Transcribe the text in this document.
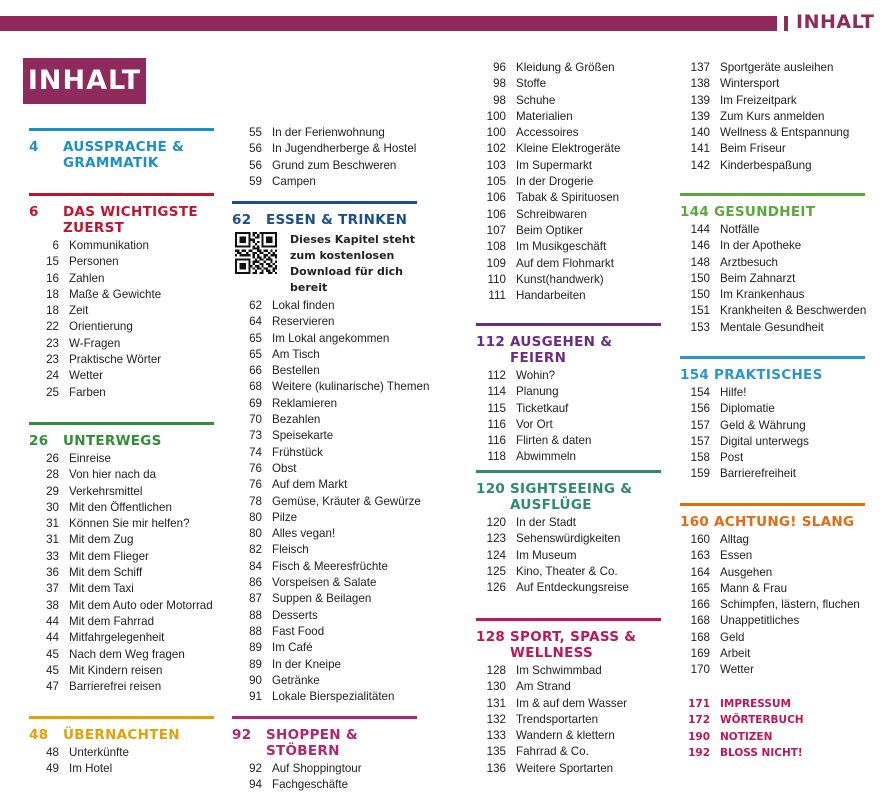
INHALT
INHALT
4	AUSSPRACHE & GRAMMATIK
6	DAS WICHTIGSTE ZUERST
6 Kommunikation
15 Personen
16 Zahlen
18 Maße & Gewichte
18 Zeit
22 Orientierung
23 W-Fragen
23 Praktische Wörter
24 Wetter
25 Farben
26	UNTERWEGS
26 Einreise
28 Von hier nach da
29 Verkehrsmittel
30 Mit den Öffentlichen
31 Können Sie mir helfen?
31 Mit dem Zug
33 Mit dem Flieger
36 Mit dem Schiff
37 Mit dem Taxi
38 Mit dem Auto oder Motorrad
44 Mit dem Fahrrad
44 Mitfahrgelegenheit
45 Nach dem Weg fragen
45 Mit Kindern reisen
47 Barrierefrei reisen
48	ÜBERNACHTEN
48 Unterkünfte
49 Im Hotel
55 In der Ferienwohnung
56 In Jugendherberge & Hostel
56 Grund zum Beschweren
59 Campen
62	ESSEN & TRINKEN
Dieses Kapitel steht zum kostenlosen Download für dich bereit
62 Lokal finden
64 Reservieren
65 Im Lokal angekommen
65 Am Tisch
66 Bestellen
68 Weitere (kulinarische) Themen
69 Reklamieren
70 Bezahlen
73 Speisekarte
74 Frühstück
76 Obst
76 Auf dem Markt
78 Gemüse, Kräuter & Gewürze
80 Pilze
80 Alles vegan!
82 Fleisch
84 Fisch & Meeresfrüchte
86 Vorspeisen & Salate
87 Suppen & Beilagen
88 Desserts
88 Fast Food
89 Im Café
89 In der Kneipe
90 Getränke
91 Lokale Bierspezialitäten
92	SHOPPEN & STÖBERN
92 Auf Shoppingtour
94 Fachgeschäfte
96 Kleidung & Größen
98 Stoffe
98 Schuhe
100 Materialien
100 Accessoires
102 Kleine Elektrogeräte
103 Im Supermarkt
105 In der Drogerie
106 Tabak & Spirituosen
106 Schreibwaren
107 Beim Optiker
108 Im Musikgeschäft
109 Auf dem Flohmarkt
110 Kunst(handwerk)
111 Handarbeiten
112 AUSGEHEN & FEIERN
112 Wohin?
114 Planung
115 Ticketkauf
116 Vor Ort
116 Flirten & daten
118 Abwimmeln
120 SIGHTSEEING & AUSFLÜGE
120 In der Stadt
123 Sehenswürdigkeiten
124 Im Museum
125 Kino, Theater & Co.
126 Auf Entdeckungsreise
128 SPORT, SPASS & WELLNESS
128 Im Schwimmbad
130 Am Strand
131 Im & auf dem Wasser
132 Trendsportarten
133 Wandern & klettern
135 Fahrrad & Co.
136 Weitere Sportarten
137 Sportgeräte ausleihen
138 Wintersport
139 Im Freizeitpark
139 Zum Kurs anmelden
140 Wellness & Entspannung
141 Beim Friseur
142 Kinderbespaßung
144 GESUNDHEIT
144 Notfälle
146 In der Apotheke
148 Arztbesuch
150 Beim Zahnarzt
150 Im Krankenhaus
151 Krankheiten & Beschwerden
153 Mentale Gesundheit
154 PRAKTISCHES
154 Hilfe!
156 Diplomatie
157 Geld & Währung
157 Digital unterwegs
158 Post
159 Barrierefreiheit
160 ACHTUNG! SLANG
160 Alltag
163 Essen
164 Ausgehen
165 Mann & Frau
166 Schimpfen, lästern, fluchen
168 Unappetitliches
168 Geld
169 Arbeit
170 Wetter
171 IMPRESSUM
172 WÖRTERBUCH
190 NOTIZEN
192 BLOSS NICHT!
